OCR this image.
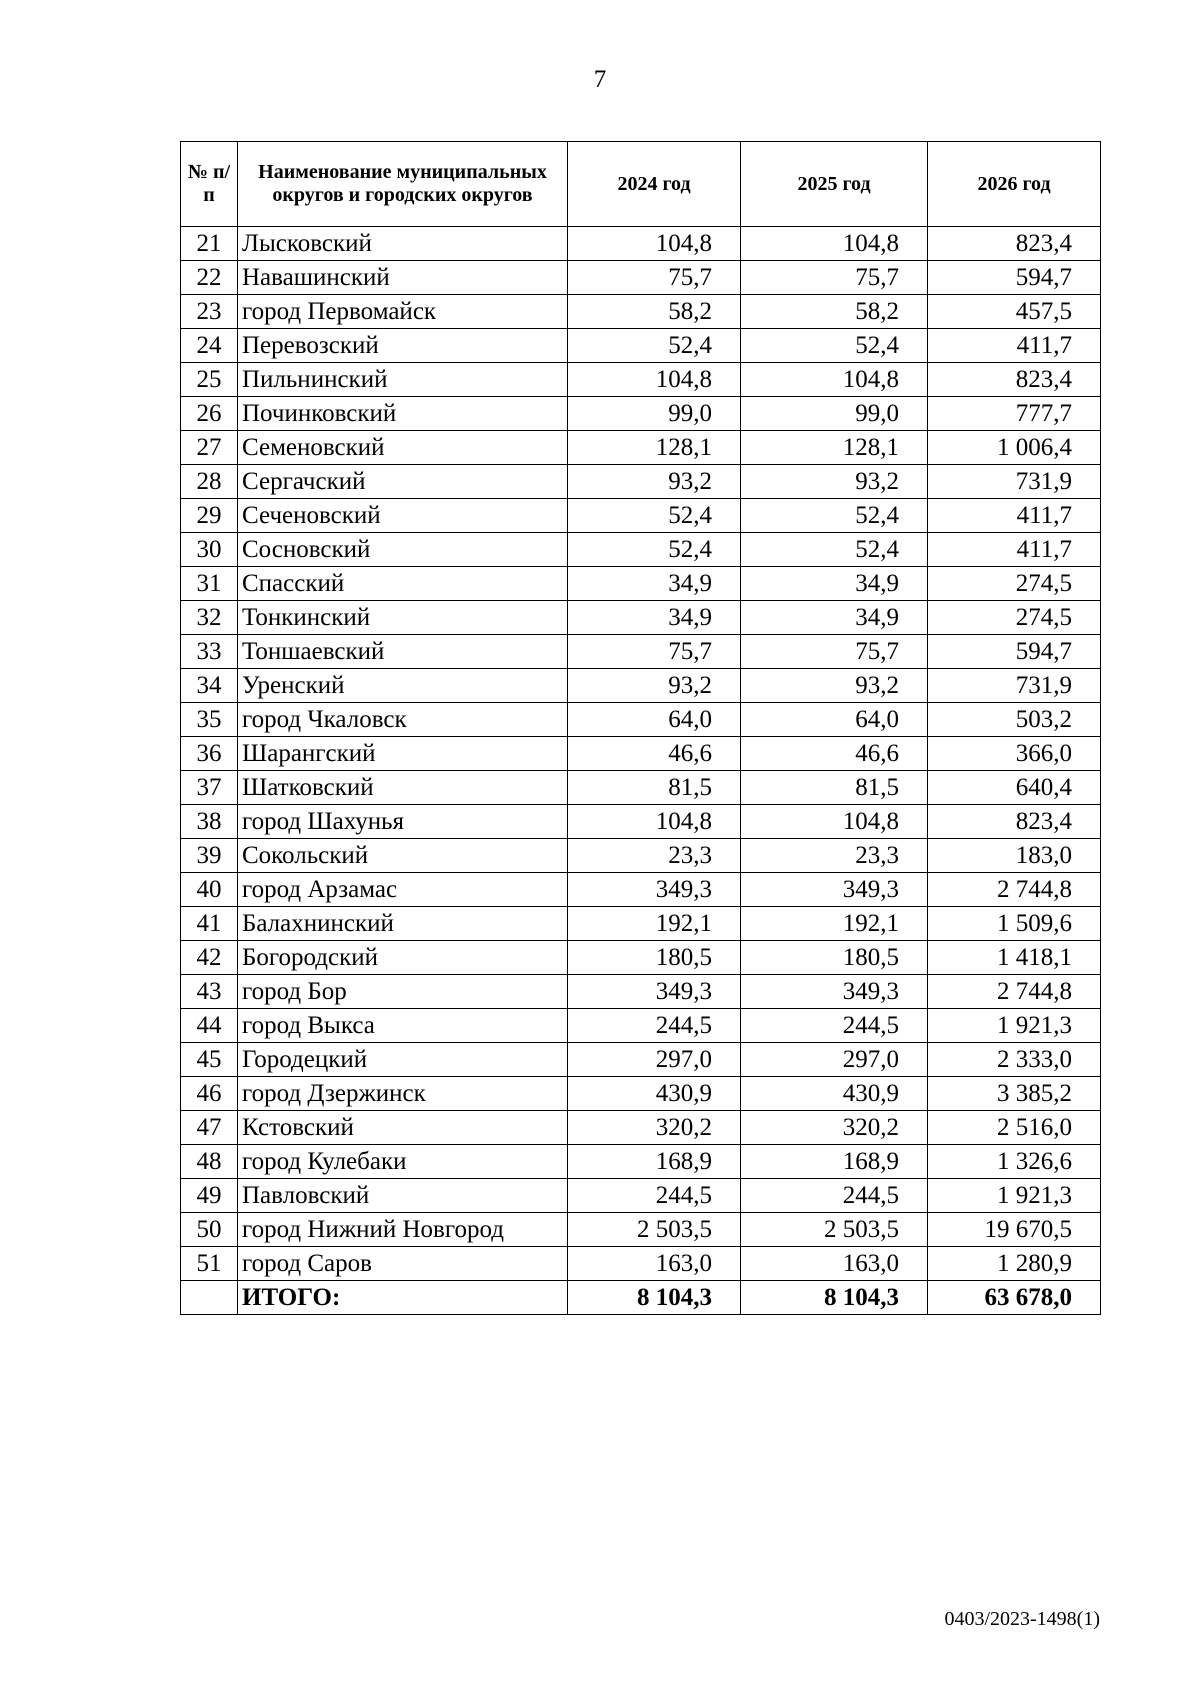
7
№ п/п	Наименование муниципальных округов и городских округов	2024 год	2025 год	2026 год
21	Лысковский	104,8	104,8	823,4
22	Навашинский	75,7	75,7	594,7
23	город Первомайск	58,2	58,2	457,5
24	Перевозский	52,4	52,4	411,7
25	Пильнинский	104,8	104,8	823,4
26	Починковский	99,0	99,0	777,7
27	Семеновский	128,1	128,1	1 006,4
28	Сергачский	93,2	93,2	731,9
29	Сеченовский	52,4	52,4	411,7
30	Сосновский	52,4	52,4	411,7
31	Спасский	34,9	34,9	274,5
32	Тонкинский	34,9	34,9	274,5
33	Тоншаевский	75,7	75,7	594,7
34	Уренский	93,2	93,2	731,9
35	город Чкаловск	64,0	64,0	503,2
36	Шарангский	46,6	46,6	366,0
37	Шатковский	81,5	81,5	640,4
38	город Шахунья	104,8	104,8	823,4
39	Сокольский	23,3	23,3	183,0
40	город Арзамас	349,3	349,3	2 744,8
41	Балахнинский	192,1	192,1	1 509,6
42	Богородский	180,5	180,5	1 418,1
43	город Бор	349,3	349,3	2 744,8
44	город Выкса	244,5	244,5	1 921,3
45	Городецкий	297,0	297,0	2 333,0
46	город Дзержинск	430,9	430,9	3 385,2
47	Кстовский	320,2	320,2	2 516,0
48	город Кулебаки	168,9	168,9	1 326,6
49	Павловский	244,5	244,5	1 921,3
50	город Нижний Новгород	2 503,5	2 503,5	19 670,5
51	город Саров	163,0	163,0	1 280,9
	ИТОГО:	8 104,3	8 104,3	63 678,0
0403/2023-1498(1)
